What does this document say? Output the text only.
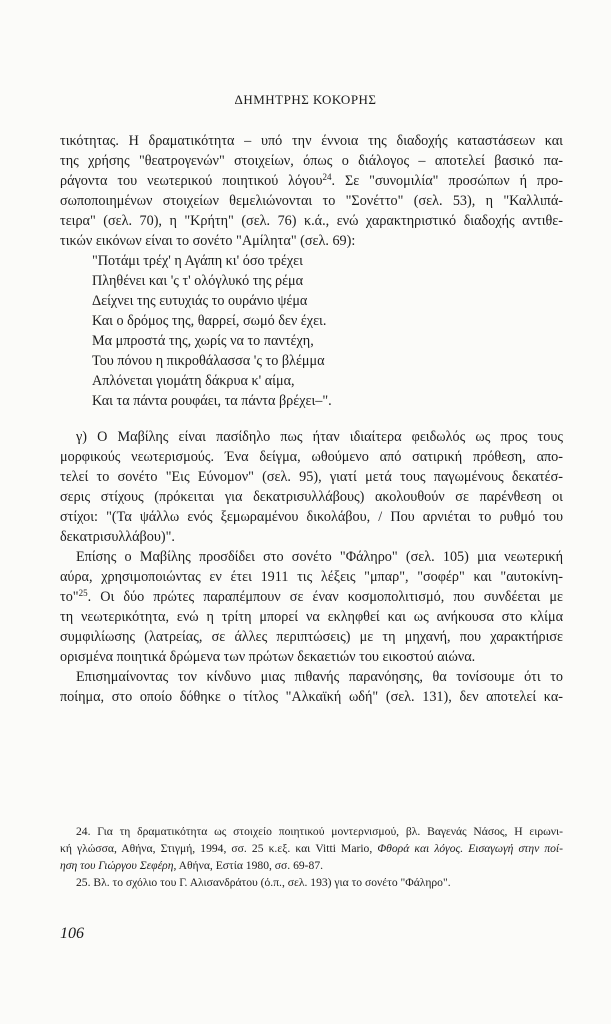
ΔΗΜΗΤΡΗΣ ΚΟΚΟΡΗΣ
τικότητας. Η δραματικότητα – υπό την έννοια της διαδοχής καταστάσεων και
της χρήσης "θεατρογενών" στοιχείων, όπως ο διάλογος – αποτελεί βασικό πα-
ράγοντα του νεωτερικού ποιητικού λόγου$^{24}$. Σε "συνομιλία" προσώπων ή προ-
σωποποιημένων στοιχείων θεμελιώνονται το "Σονέττο" (σελ. 53), η "Καλλιπά-
τειρα" (σελ. 70), η "Κρήτη" (σελ. 76) κ.ά., ενώ χαρακτηριστικό διαδοχής αντιθε-
τικών εικόνων είναι το σονέτο "Αμίλητα" (σελ. 69):
"Ποτάμι τρέχ' η Αγάπη κι' όσο τρέχει
Πληθένει και 'ς τ' ολόγλυκό της ρέμα
Δείχνει της ευτυχιάς το ουράνιο ψέμα
Και ο δρόμος της, θαρρεί, σωμό δεν έχει.
Μα μπροστά της, χωρίς να το παντέχη,
Του πόνου η πικροθάλασσα 'ς το βλέμμα
Απλόνεται γιομάτη δάκρυα κ' αίμα,
Και τα πάντα ρουφάει, τα πάντα βρέχει–".
γ) Ο Μαβίλης είναι πασίδηλο πως ήταν ιδιαίτερα φειδωλός ως προς τους
μορφικούς νεωτερισμούς. Ένα δείγμα, ωθούμενο από σατιρική πρόθεση, απο-
τελεί το σονέτο "Εις Εύνομον" (σελ. 95), γιατί μετά τους παγωμένους δεκατέσ-
σερις στίχους (πρόκειται για δεκατρισυλλάβους) ακολουθούν σε παρένθεση οι
στίχοι: "(Τα ψάλλω ενός ξεμωραμένου δικολάβου, / Που αρνιέται το ρυθμό του
δεκατρισυλλάβου)".
Επίσης ο Μαβίλης προσδίδει στο σονέτο "Φάληρο" (σελ. 105) μια νεωτερική
αύρα, χρησιμοποιώντας εν έτει 1911 τις λέξεις "μπαρ", "σοφέρ" και "αυτοκίνη-
το"$^{25}$. Οι δύο πρώτες παραπέμπουν σε έναν κοσμοπολιτισμό, που συνδέεται με
τη νεωτερικότητα, ενώ η τρίτη μπορεί να εκληφθεί και ως ανήκουσα στο κλίμα
συμφιλίωσης (λατρείας, σε άλλες περιπτώσεις) με τη μηχανή, που χαρακτήρισε
ορισμένα ποιητικά δρώμενα των πρώτων δεκαετιών του εικοστού αιώνα.
Επισημαίνοντας τον κίνδυνο μιας πιθανής παρανόησης, θα τονίσουμε ότι το
ποίημα, στο οποίο δόθηκε ο τίτλος "Αλκαϊκή ωδή" (σελ. 131), δεν αποτελεί κα-
24. Για τη δραματικότητα ως στοιχείο ποιητικού μοντερνισμού, βλ. Βαγενάς Νάσος, Η ειρωνι-
κή γλώσσα, Αθήνα, Στιγμή, 1994, σσ. 25 κ.εξ. και Vitti Mario, Φθορά και λόγος. Εισαγωγή στην ποί-
ηση του Γιώργου Σεφέρη, Αθήνα, Εστία 1980, σσ. 69-87.
25. Βλ. το σχόλιο του Γ. Αλισανδράτου (ό.π., σελ. 193) για το σονέτο "Φάληρο".
106
